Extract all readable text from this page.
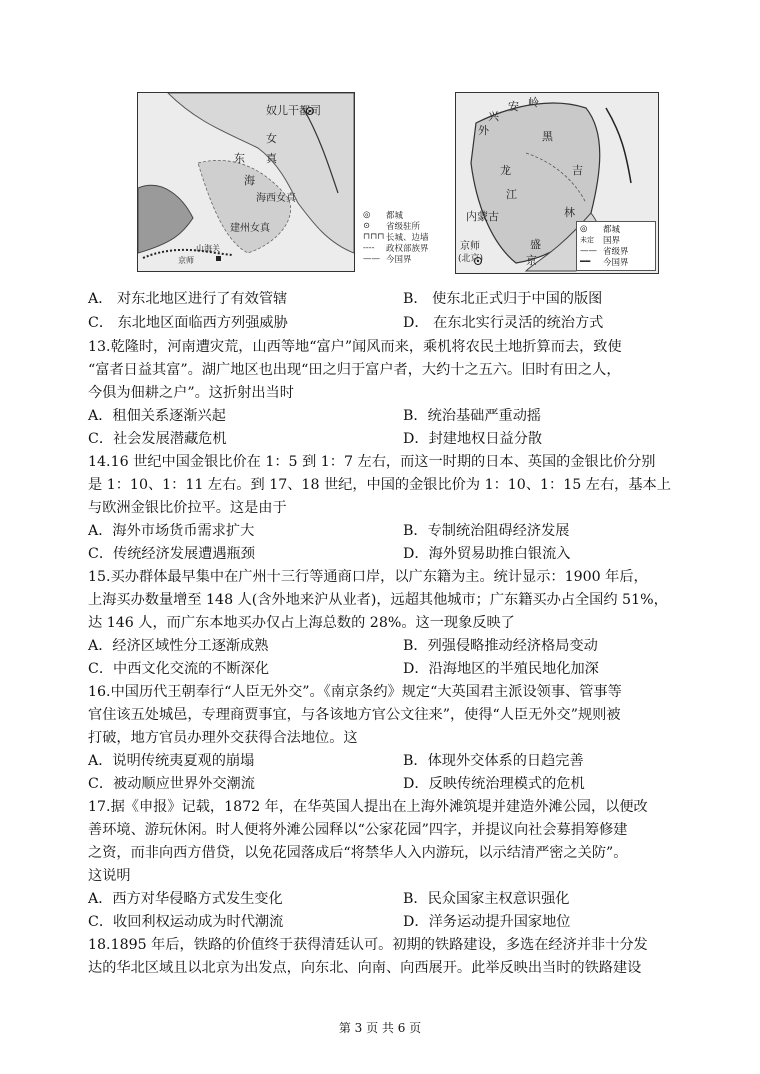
奴儿干都司
东
海
女
真
海西女真
建州女真
山海关
京师
◎ 都城
⊙ 省级驻所
⊓⊓⊓ 长城、边墙
---- 政权部族界
—— 今国界
外
兴
安 岭
黑
龙
江
吉
林
内蒙古
京师
(北京)
盛
京
◎ 都城
未定 国界
—— 省级界
━━ 今国界
A． 对东北地区进行了有效管辖	B． 使东北正式归于中国的版图
C． 东北地区面临西方列强威胁	D． 在东北实行灵活的统治方式
13.乾隆时，河南遭灾荒，山西等地“富户”闻风而来，乘机将农民土地折算而去，致使
“富者日益其富”。湖广地区也出现“田之归于富户者，大约十之五六。旧时有田之人，
今俱为佃耕之户”。这折射出当时
A．租佃关系逐渐兴起	B．统治基础严重动摇
C．社会发展潜藏危机	D．封建地权日益分散
14.16 世纪中国金银比价在 1：5 到 1：7 左右，而这一时期的日本、英国的金银比价分别
是 1：10、1：11 左右。到 17、18 世纪，中国的金银比价为 1：10、1：15 左右，基本上
与欧洲金银比价拉平。这是由于
A．海外市场货币需求扩大	B．专制统治阻碍经济发展
C．传统经济发展遭遇瓶颈	D．海外贸易助推白银流入
15.买办群体最早集中在广州十三行等通商口岸，以广东籍为主。统计显示：1900 年后，
上海买办数量增至 148 人(含外地来沪从业者)，远超其他城市；广东籍买办占全国约 51%，
达 146 人，而广东本地买办仅占上海总数的 28%。这一现象反映了
A．经济区域性分工逐渐成熟	B．列强侵略推动经济格局变动
C．中西文化交流的不断深化	D．沿海地区的半殖民地化加深
16.中国历代王朝奉行“人臣无外交”。《南京条约》规定“大英国君主派设领事、管事等
官住该五处城邑，专理商贾事宜，与各该地方官公文往来”，使得“人臣无外交”规则被
打破，地方官员办理外交获得合法地位。这
A．说明传统夷夏观的崩塌	B．体现外交体系的日趋完善
C．被动顺应世界外交潮流	D．反映传统治理模式的危机
17.据《申报》记载，1872 年，在华英国人提出在上海外滩筑堤并建造外滩公园，以便改
善环境、游玩休闲。时人便将外滩公园释以“公家花园”四字，并提议向社会募捐筹修建
之资，而非向西方借贷，以免花园落成后“将禁华人入内游玩，以示结清严密之关防”。
这说明
A．西方对华侵略方式发生变化	B．民众国家主权意识强化
C．收回利权运动成为时代潮流	D．洋务运动提升国家地位
18.1895 年后，铁路的价值终于获得清廷认可。初期的铁路建设，多选在经济并非十分发
达的华北区域且以北京为出发点，向东北、向南、向西展开。此举反映出当时的铁路建设
第 3 页 共 6 页
